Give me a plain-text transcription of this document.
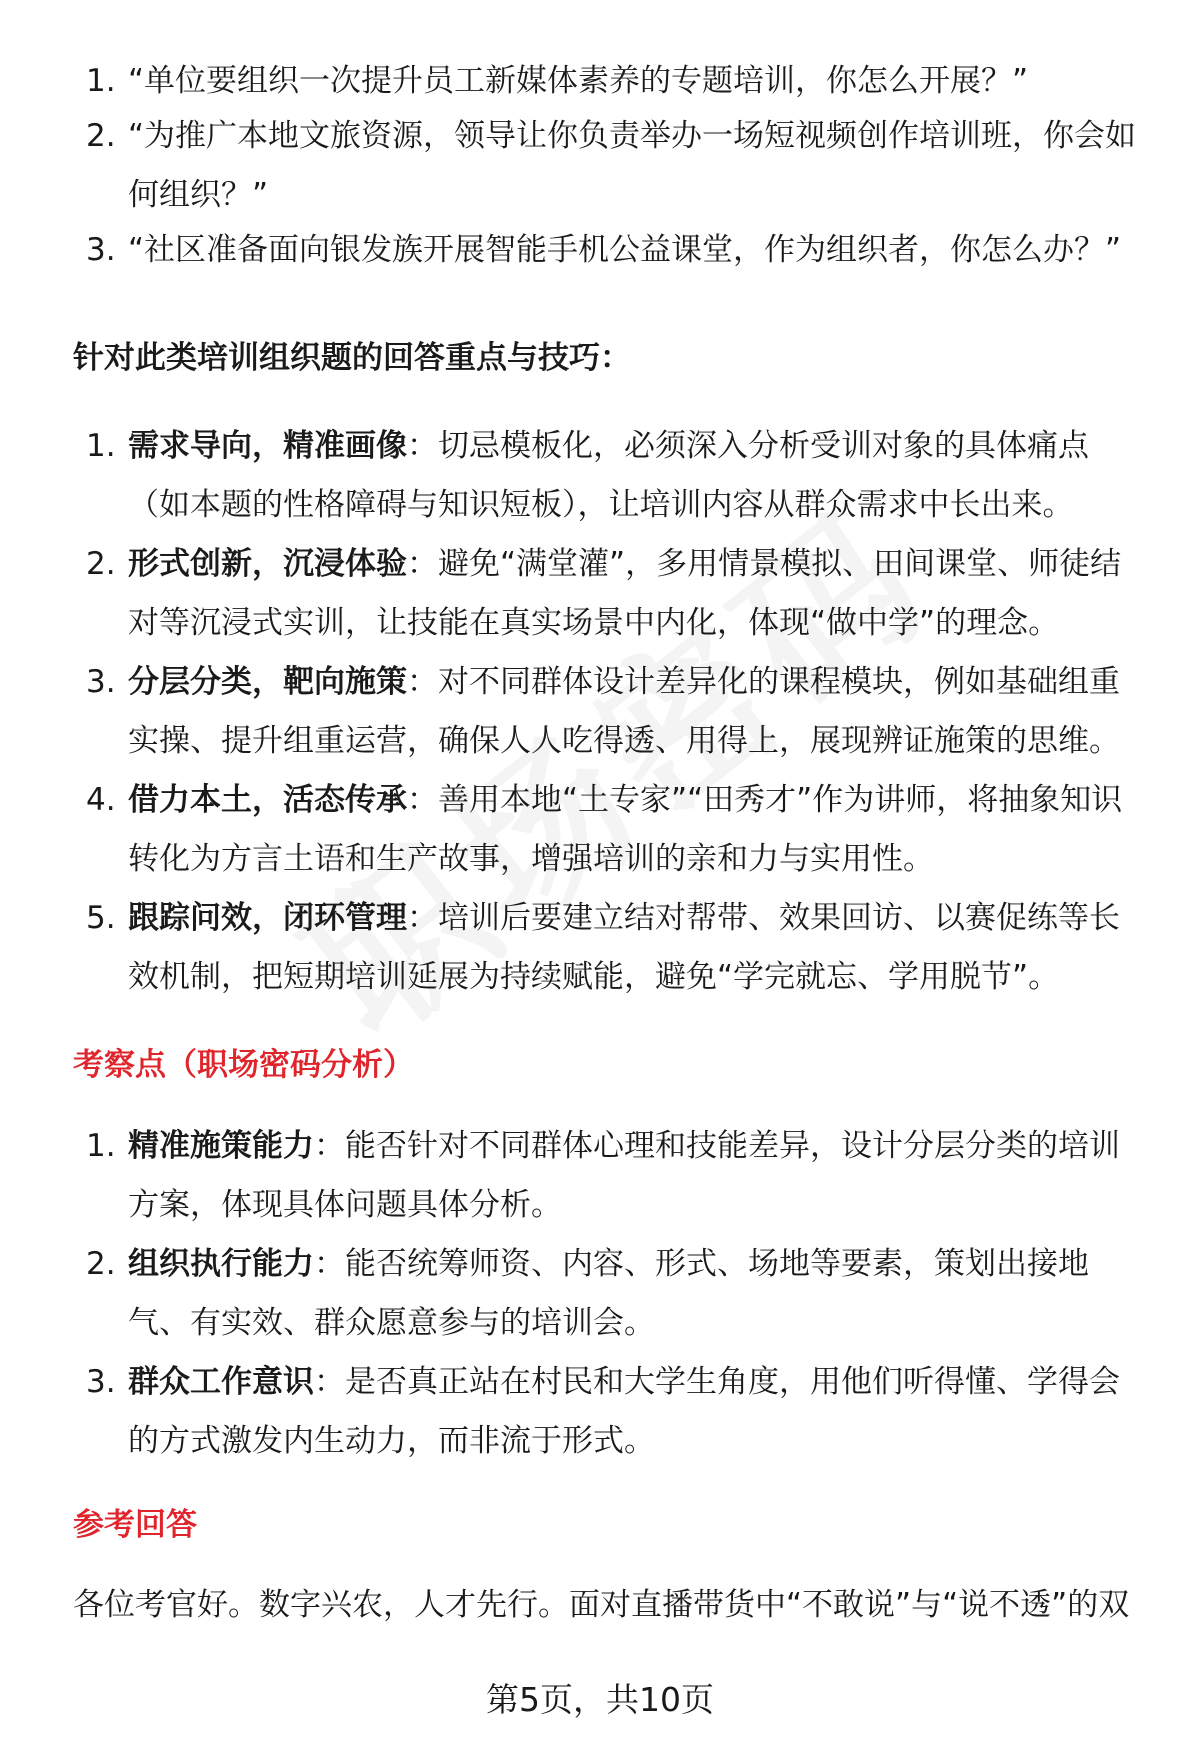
1. “单位要组织一次提升员工新媒体素养的专题培训，你怎么开展？”
2. “为推广本地文旅资源，领导让你负责举办一场短视频创作培训班，你会如何组织？”
3. “社区准备面向银发族开展智能手机公益课堂，作为组织者，你怎么办？”
针对此类培训组织题的回答重点与技巧：
1. 需求导向，精准画像：切忌模板化，必须深入分析受训对象的具体痛点（如本题的性格障碍与知识短板），让培训内容从群众需求中长出来。
2. 形式创新，沉浸体验：避免“满堂灌”，多用情景模拟、田间课堂、师徒结对等沉浸式实训，让技能在真实场景中内化，体现“做中学”的理念。
3. 分层分类，靶向施策：对不同群体设计差异化的课程模块，例如基础组重实操、提升组重运营，确保人人吃得透、用得上，展现辨证施策的思维。
4. 借力本土，活态传承：善用本地“土专家”“田秀才”作为讲师，将抽象知识转化为方言土语和生产故事，增强培训的亲和力与实用性。
5. 跟踪问效，闭环管理：培训后要建立结对帮带、效果回访、以赛促练等长效机制，把短期培训延展为持续赋能，避免“学完就忘、学用脱节”。
考察点（职场密码分析）
1. 精准施策能力：能否针对不同群体心理和技能差异，设计分层分类的培训方案，体现具体问题具体分析。
2. 组织执行能力：能否统筹师资、内容、形式、场地等要素，策划出接地气、有实效、群众愿意参与的培训会。
3. 群众工作意识：是否真正站在村民和大学生角度，用他们听得懂、学得会的方式激发内生动力，而非流于形式。
参考回答
各位考官好。数字兴农，人才先行。面对直播带货中“不敢说”与“说不透”的双
第5页，共10页
